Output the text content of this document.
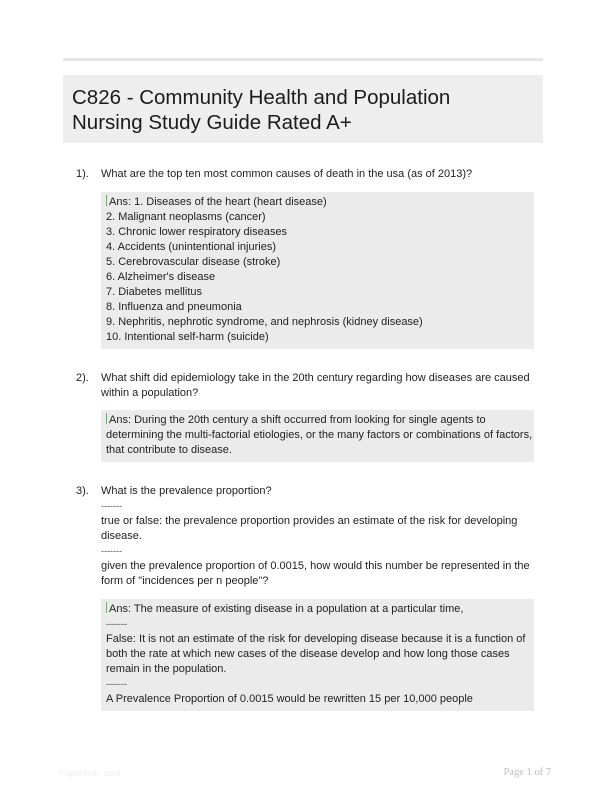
C826 - Community Health and Population
Nursing Study Guide Rated A+
1). What are the top ten most common causes of death in the usa (as of 2013)?
Ans: 1. Diseases of the heart (heart disease)
2. Malignant neoplasms (cancer)
3. Chronic lower respiratory diseases
4. Accidents (unintentional injuries)
5. Cerebrovascular disease (stroke)
6. Alzheimer's disease
7. Diabetes mellitus
8. Influenza and pneumonia
9. Nephritis, nephrotic syndrome, and nephrosis (kidney disease)
10. Intentional self-harm (suicide)
2). What shift did epidemiology take in the 20th century regarding how diseases are caused
within a population?
Ans: During the 20th century a shift occurred from looking for single agents to
determining the multi-factorial etiologies, or the many factors or combinations of factors,
that contribute to disease.
3). What is the prevalence proportion?
-------
true or false: the prevalence proportion provides an estimate of the risk for developing
disease.
-------
given the prevalence proportion of 0.0015, how would this number be represented in the
form of "incidences per n people"?
Ans: The measure of existing disease in a population at a particular time,
-------
False: It is not an estimate of the risk for developing disease because it is a function of
both the rate at which new cases of the disease develop and how long those cases
remain in the population.
-------
A Prevalence Proportion of 0.0015 would be rewritten 15 per 10,000 people
Paperfinlic.com	Page 1 of 7
